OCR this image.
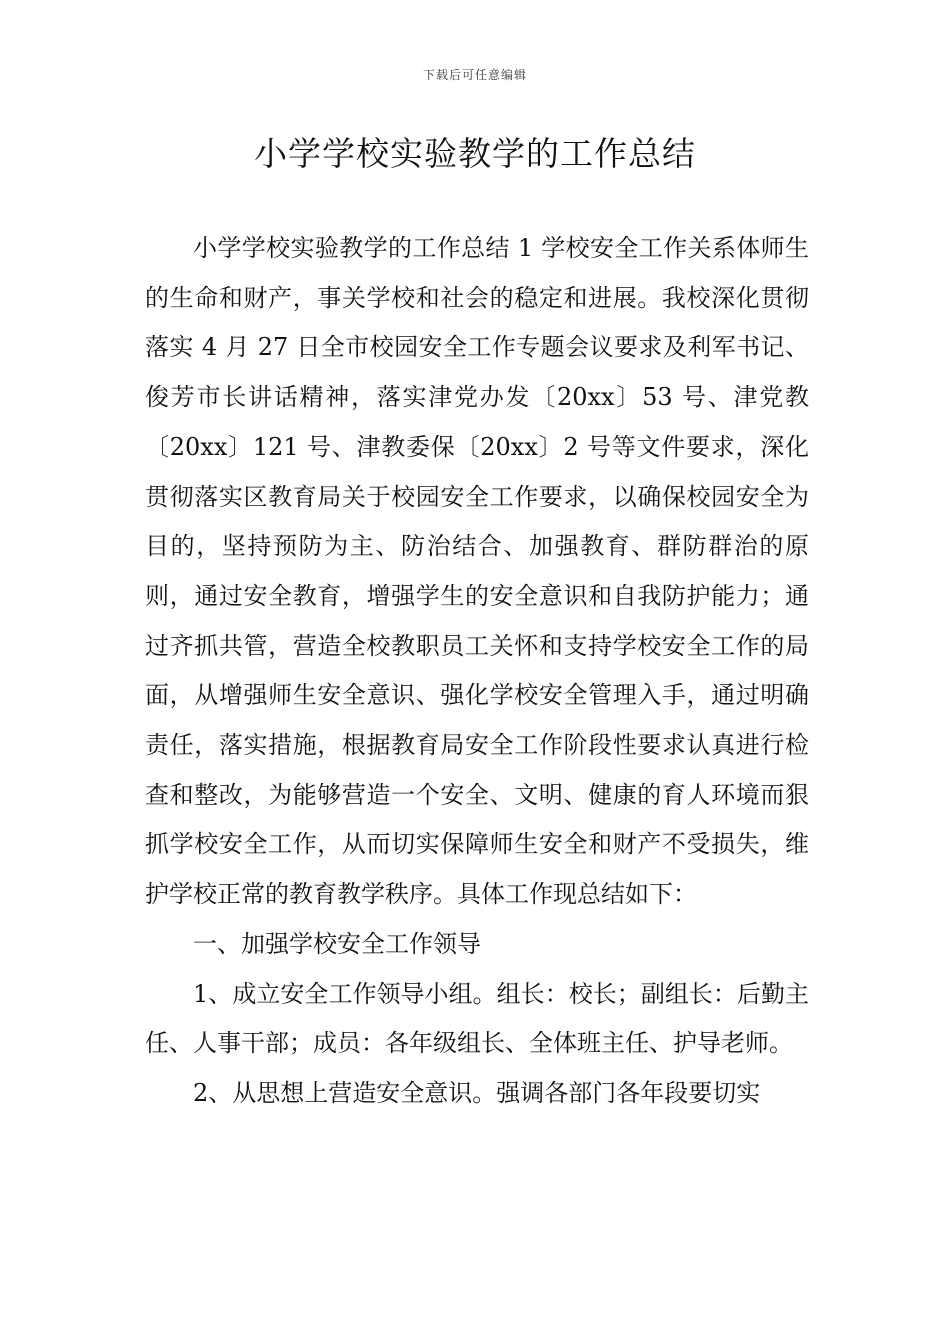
下载后可任意编辑
小学学校实验教学的工作总结

小学学校实验教学的工作总结 1 学校安全工作关系体师生的生命和财产，事关学校和社会的稳定和进展。我校深化贯彻落实 4 月 27 日全市校园安全工作专题会议要求及利军书记、俊芳市长讲话精神，落实津党办发〔20xx〕53 号、津党教〔20xx〕121 号、津教委保〔20xx〕2 号等文件要求，深化贯彻落实区教育局关于校园安全工作要求，以确保校园安全为目的，坚持预防为主、防治结合、加强教育、群防群治的原则，通过安全教育，增强学生的安全意识和自我防护能力；通过齐抓共管，营造全校教职员工关怀和支持学校安全工作的局面，从增强师生安全意识、强化学校安全管理入手，通过明确责任，落实措施，根据教育局安全工作阶段性要求认真进行检查和整改，为能够营造一个安全、文明、健康的育人环境而狠抓学校安全工作，从而切实保障师生安全和财产不受损失，维护学校正常的教育教学秩序。具体工作现总结如下：

一、加强学校安全工作领导

1、成立安全工作领导小组。组长：校长；副组长：后勤主任、人事干部；成员：各年级组长、全体班主任、护导老师。

2、从思想上营造安全意识。强调各部门各年段要切实
